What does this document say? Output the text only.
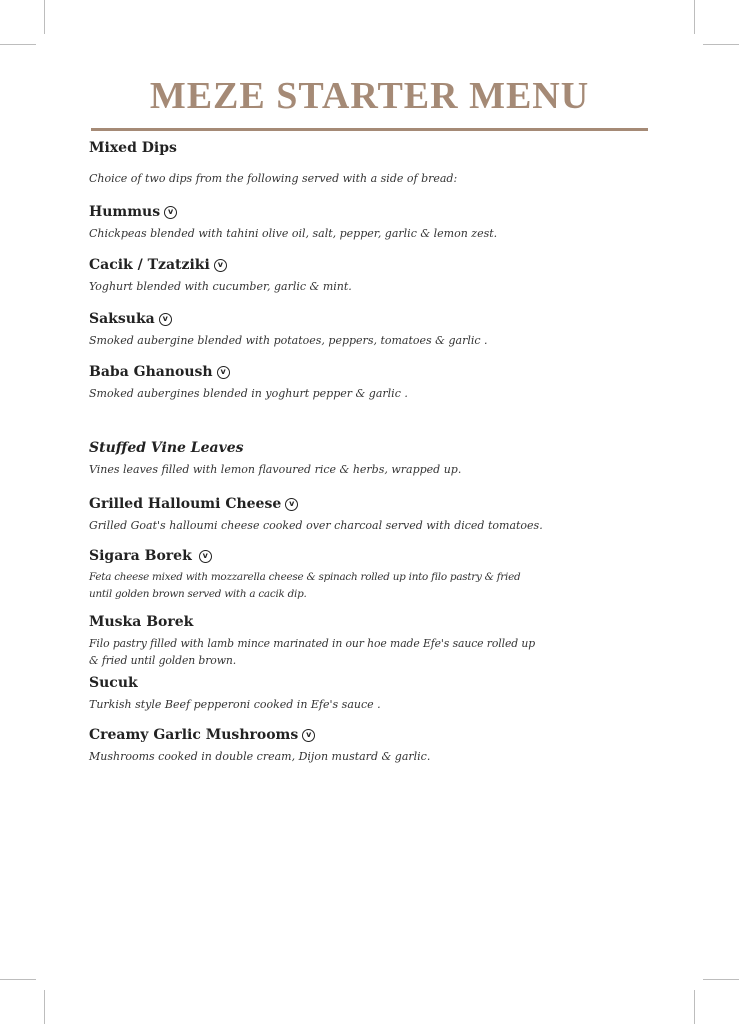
MEZE STARTER MENU
Mixed Dips
Choice of two dips from the following served with a side of bread:
Hummus v
Chickpeas blended with tahini olive oil, salt, pepper, garlic & lemon zest.
Cacik / Tzatziki v
Yoghurt blended with cucumber, garlic & mint.
Saksuka v
Smoked aubergine blended with potatoes, peppers, tomatoes & garlic .
Baba Ghanoush v
Smoked aubergines blended in yoghurt pepper & garlic .
Stuffed Vine Leaves
Vines leaves filled with lemon flavoured rice & herbs, wrapped up.
Grilled Halloumi Cheese v
Grilled Goat's halloumi cheese cooked over charcoal served with diced tomatoes.
Sigara Borek	v
Feta cheese mixed with mozzarella cheese & spinach rolled up into filo pastry & fried until golden brown served with a cacik dip.
Muska Borek
Filo pastry filled with lamb mince marinated in our hoe made Efe's sauce rolled up & fried until golden brown.
Sucuk
Turkish style Beef pepperoni cooked in Efe's sauce .
Creamy Garlic Mushrooms v
Mushrooms cooked in double cream, Dijon mustard & garlic.
